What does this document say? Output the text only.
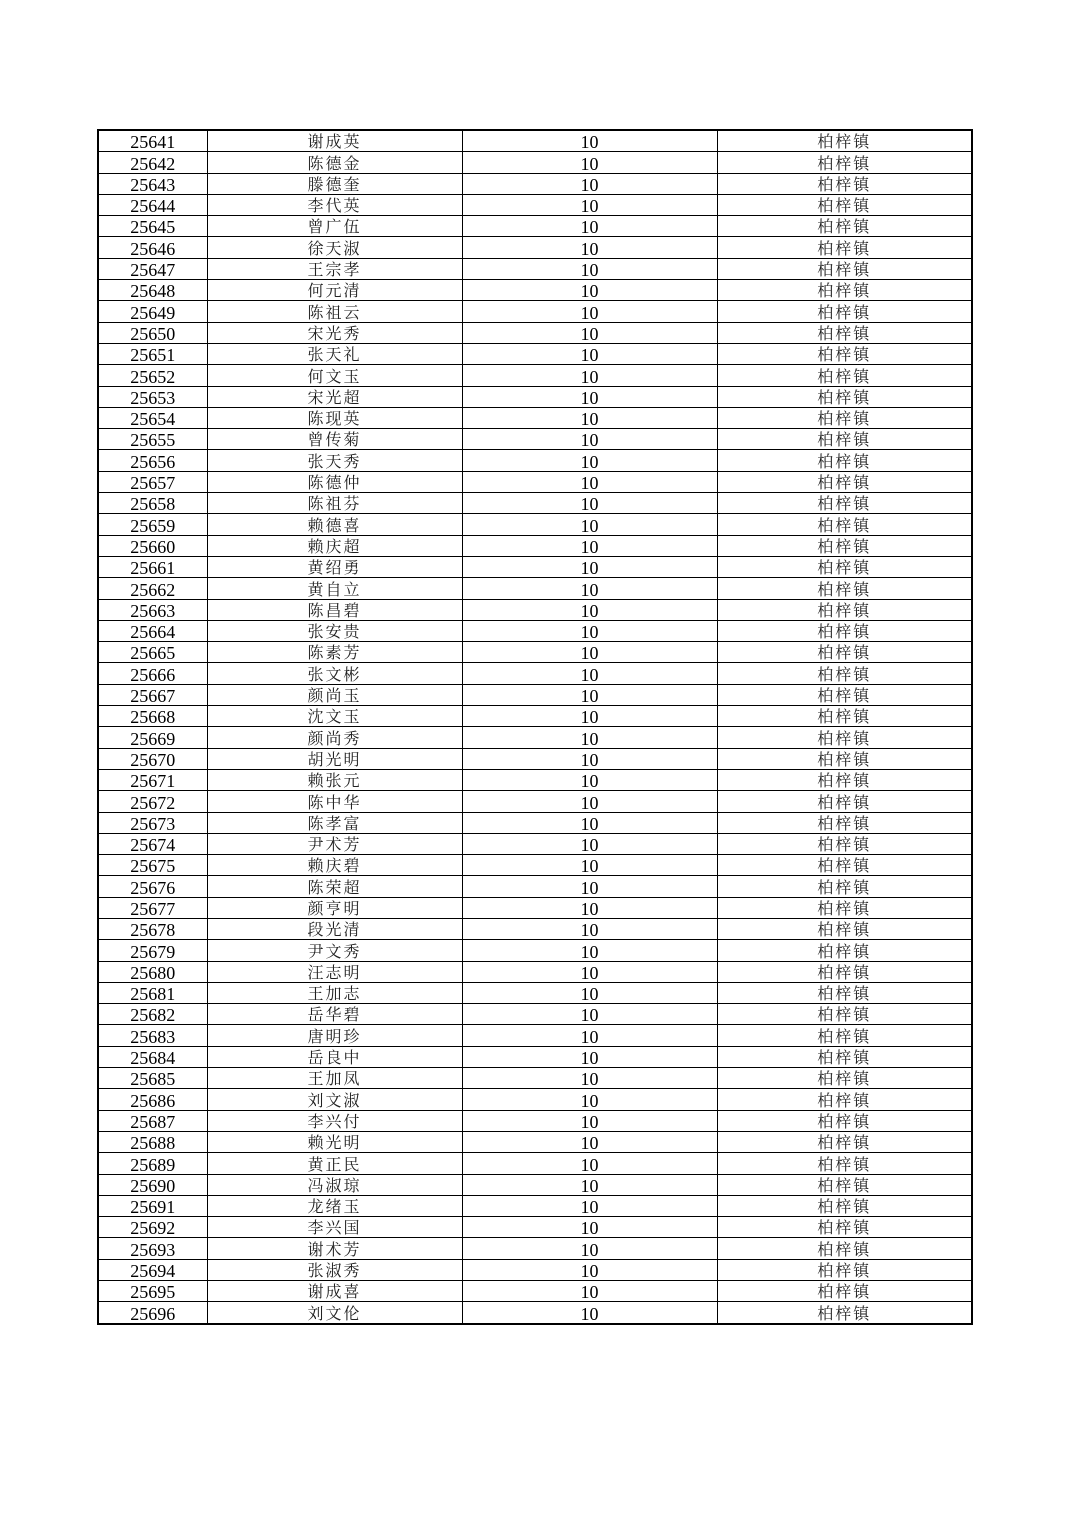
25641	谢成英	10	柏梓镇
25642	陈德金	10	柏梓镇
25643	滕德奎	10	柏梓镇
25644	李代英	10	柏梓镇
25645	曾广伍	10	柏梓镇
25646	徐天淑	10	柏梓镇
25647	王宗孝	10	柏梓镇
25648	何元清	10	柏梓镇
25649	陈祖云	10	柏梓镇
25650	宋光秀	10	柏梓镇
25651	张天礼	10	柏梓镇
25652	何文玉	10	柏梓镇
25653	宋光超	10	柏梓镇
25654	陈现英	10	柏梓镇
25655	曾传菊	10	柏梓镇
25656	张天秀	10	柏梓镇
25657	陈德仲	10	柏梓镇
25658	陈祖芬	10	柏梓镇
25659	赖德喜	10	柏梓镇
25660	赖庆超	10	柏梓镇
25661	黄绍勇	10	柏梓镇
25662	黄自立	10	柏梓镇
25663	陈昌碧	10	柏梓镇
25664	张安贵	10	柏梓镇
25665	陈素芳	10	柏梓镇
25666	张文彬	10	柏梓镇
25667	颜尚玉	10	柏梓镇
25668	沈文玉	10	柏梓镇
25669	颜尚秀	10	柏梓镇
25670	胡光明	10	柏梓镇
25671	赖张元	10	柏梓镇
25672	陈中华	10	柏梓镇
25673	陈孝富	10	柏梓镇
25674	尹术芳	10	柏梓镇
25675	赖庆碧	10	柏梓镇
25676	陈荣超	10	柏梓镇
25677	颜亨明	10	柏梓镇
25678	段光清	10	柏梓镇
25679	尹文秀	10	柏梓镇
25680	汪志明	10	柏梓镇
25681	王加志	10	柏梓镇
25682	岳华碧	10	柏梓镇
25683	唐明珍	10	柏梓镇
25684	岳良中	10	柏梓镇
25685	王加凤	10	柏梓镇
25686	刘文淑	10	柏梓镇
25687	李兴付	10	柏梓镇
25688	赖光明	10	柏梓镇
25689	黄正民	10	柏梓镇
25690	冯淑琼	10	柏梓镇
25691	龙绪玉	10	柏梓镇
25692	李兴国	10	柏梓镇
25693	谢术芳	10	柏梓镇
25694	张淑秀	10	柏梓镇
25695	谢成喜	10	柏梓镇
25696	刘文伦	10	柏梓镇
